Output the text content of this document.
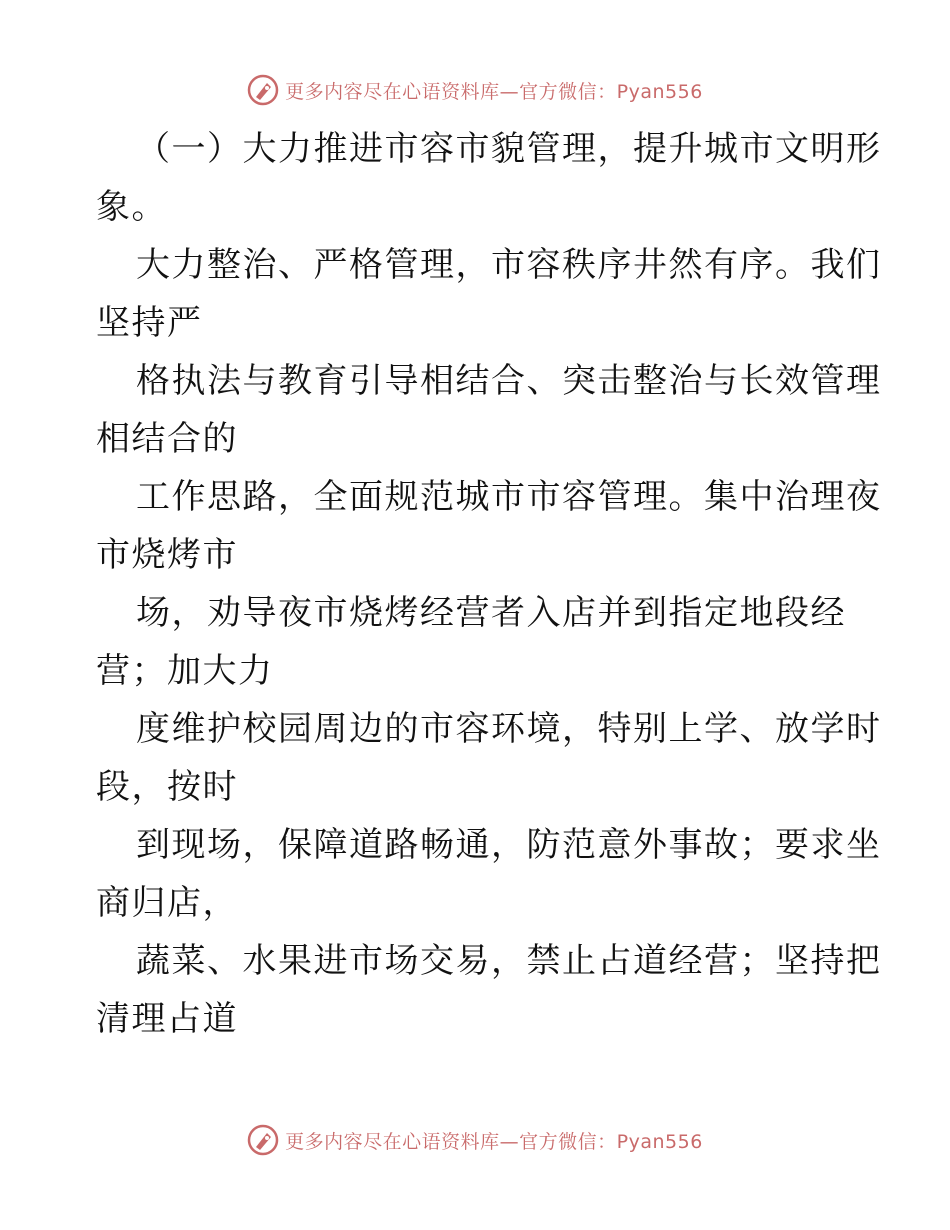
更多内容尽在心语资料库—官方微信：Pyan556
（一）大力推进市容市貌管理，提升城市文明形
象。
大力整治、严格管理，市容秩序井然有序。我们
坚持严
格执法与教育引导相结合、突击整治与长效管理
相结合的
工作思路，全面规范城市市容管理。集中治理夜
市烧烤市
场，劝导夜市烧烤经营者入店并到指定地段经
营；加大力
度维护校园周边的市容环境，特别上学、放学时
段，按时
到现场，保障道路畅通，防范意外事故；要求坐
商归店，
蔬菜、水果进市场交易，禁止占道经营；坚持把
清理占道
更多内容尽在心语资料库—官方微信：Pyan556
